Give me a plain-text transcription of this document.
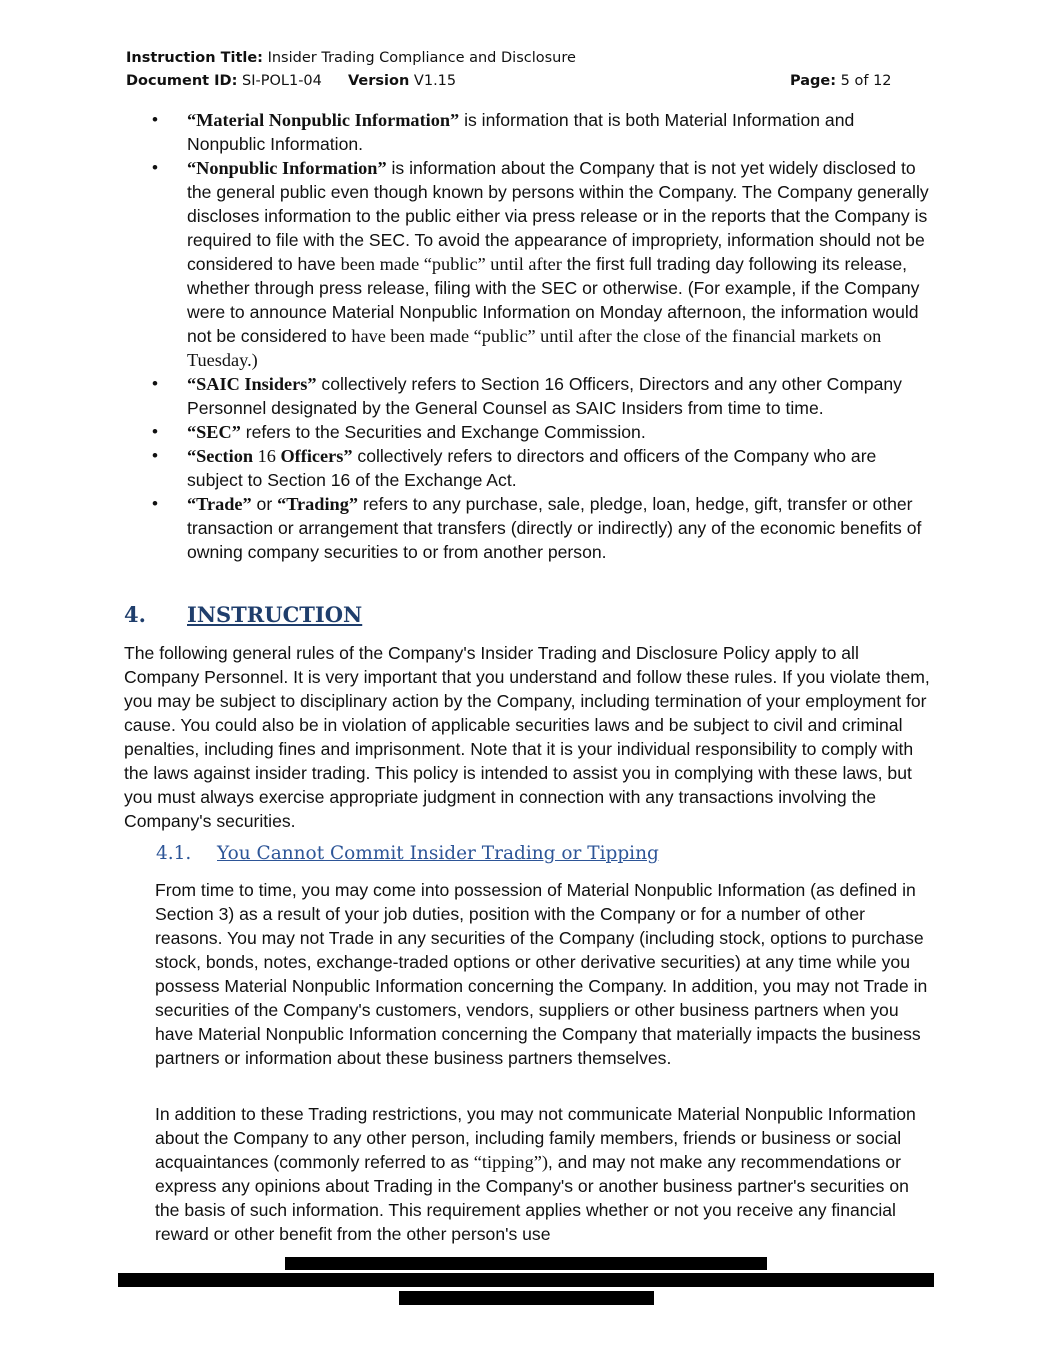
Instruction Title: Insider Trading Compliance and Disclosure
Document ID: SI-POL1-04 Version V1.15	Page: 5 of 12
• “Material Nonpublic Information” is information that is both Material Information and Nonpublic Information.
• “Nonpublic Information” is information about the Company that is not yet widely disclosed to the general public even though known by persons within the Company. The Company generally discloses information to the public either via press release or in the reports that the Company is required to file with the SEC. To avoid the appearance of impropriety, information should not be considered to have been made “public” until after the first full trading day following its release, whether through press release, filing with the SEC or otherwise. (For example, if the Company were to announce Material Nonpublic Information on Monday afternoon, the information would not be considered to have been made “public” until after the close of the financial markets on Tuesday.)
• “SAIC Insiders” collectively refers to Section 16 Officers, Directors and any other Company Personnel designated by the General Counsel as SAIC Insiders from time to time.
• “SEC” refers to the Securities and Exchange Commission.
• “Section 16 Officers” collectively refers to directors and officers of the Company who are subject to Section 16 of the Exchange Act.
• “Trade” or “Trading” refers to any purchase, sale, pledge, loan, hedge, gift, transfer or other transaction or arrangement that transfers (directly or indirectly) any of the economic benefits of owning company securities to or from another person.
4. INSTRUCTION

The following general rules of the Company's Insider Trading and Disclosure Policy apply to all Company Personnel. It is very important that you understand and follow these rules. If you violate them, you may be subject to disciplinary action by the Company, including termination of your employment for cause. You could also be in violation of applicable securities laws and be subject to civil and criminal penalties, including fines and imprisonment. Note that it is your individual responsibility to comply with the laws against insider trading. This policy is intended to assist you in complying with these laws, but you must always exercise appropriate judgment in connection with any transactions involving the Company's securities.

4.1. You Cannot Commit Insider Trading or Tipping

From time to time, you may come into possession of Material Nonpublic Information (as defined in Section 3) as a result of your job duties, position with the Company or for a number of other reasons. You may not Trade in any securities of the Company (including stock, options to purchase stock, bonds, notes, exchange-traded options or other derivative securities) at any time while you possess Material Nonpublic Information concerning the Company. In addition, you may not Trade in securities of the Company's customers, vendors, suppliers or other business partners when you have Material Nonpublic Information concerning the Company that materially impacts the business partners or information about these business partners themselves.

In addition to these Trading restrictions, you may not communicate Material Nonpublic Information about the Company to any other person, including family members, friends or business or social acquaintances (commonly referred to as “tipping”), and may not make any recommendations or express any opinions about Trading in the Company's or another business partner's securities on the basis of such information. This requirement applies whether or not you receive any financial reward or other benefit from the other person's use
